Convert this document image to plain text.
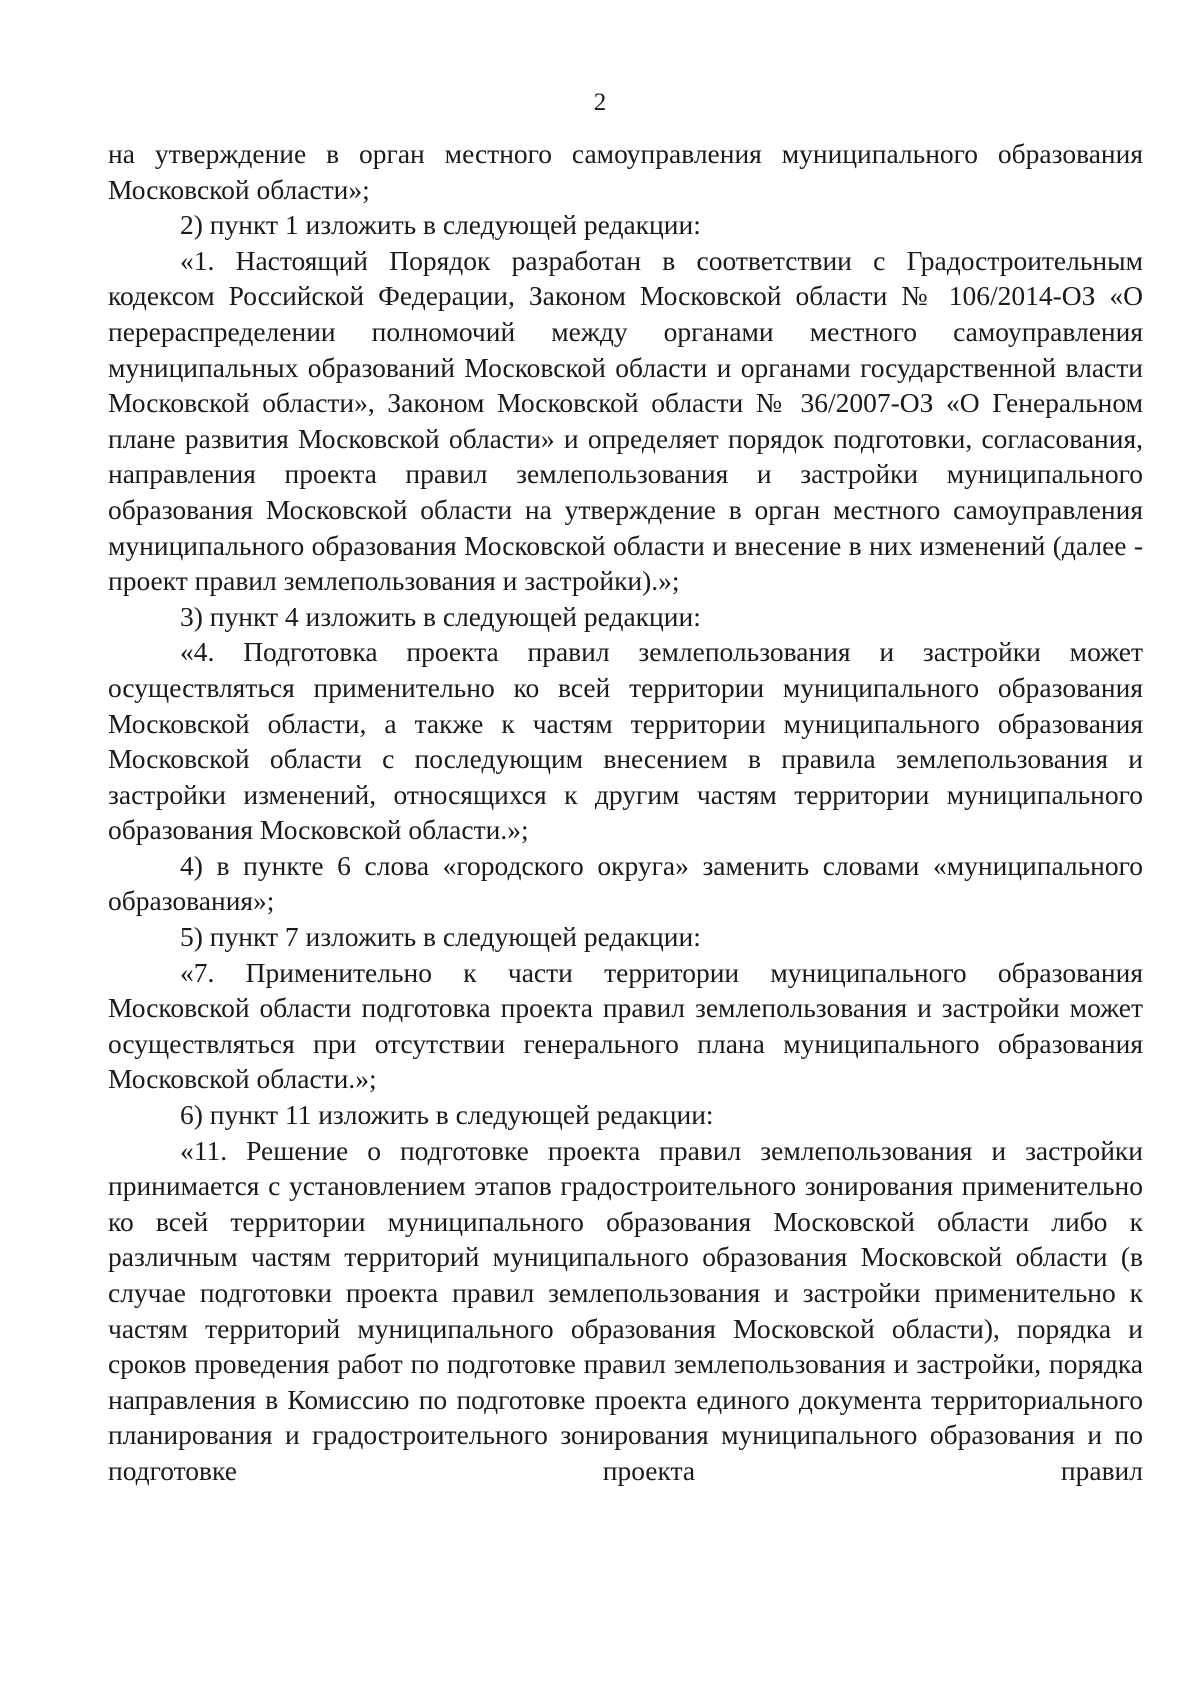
2

на утверждение в орган местного самоуправления муниципального образования Московской области»;

2) пункт 1 изложить в следующей редакции:

«1. Настоящий Порядок разработан в соответствии с Градостроительным кодексом Российской Федерации, Законом Московской области № 106/2014-ОЗ «О перераспределении полномочий между органами местного самоуправления муниципальных образований Московской области и органами государственной власти Московской области», Законом Московской области № 36/2007-ОЗ «О Генеральном плане развития Московской области» и определяет порядок подготовки, согласования, направления проекта правил землепользования и застройки муниципального образования Московской области на утверждение в орган местного самоуправления муниципального образования Московской области и внесение в них изменений (далее - проект правил землепользования и застройки).»;

3) пункт 4 изложить в следующей редакции:

«4. Подготовка проекта правил землепользования и застройки может осуществляться применительно ко всей территории муниципального образования Московской области, а также к частям территории муниципального образования Московской области с последующим внесением в правила землепользования и застройки изменений, относящихся к другим частям территории муниципального образования Московской области.»;

4) в пункте 6 слова «городского округа» заменить словами «муниципального образования»;

5) пункт 7 изложить в следующей редакции:

«7. Применительно к части территории муниципального образования Московской области подготовка проекта правил землепользования и застройки может осуществляться при отсутствии генерального плана муниципального образования Московской области.»;

6) пункт 11 изложить в следующей редакции:

«11. Решение о подготовке проекта правил землепользования и застройки принимается с установлением этапов градостроительного зонирования применительно ко всей территории муниципального образования Московской области либо к различным частям территорий муниципального образования Московской области (в случае подготовки проекта правил землепользования и застройки применительно к частям территорий муниципального образования Московской области), порядка и сроков проведения работ по подготовке правил землепользования и застройки, порядка направления в Комиссию по подготовке проекта единого документа территориального планирования и градостроительного зонирования муниципального образования и по подготовке проекта правил
